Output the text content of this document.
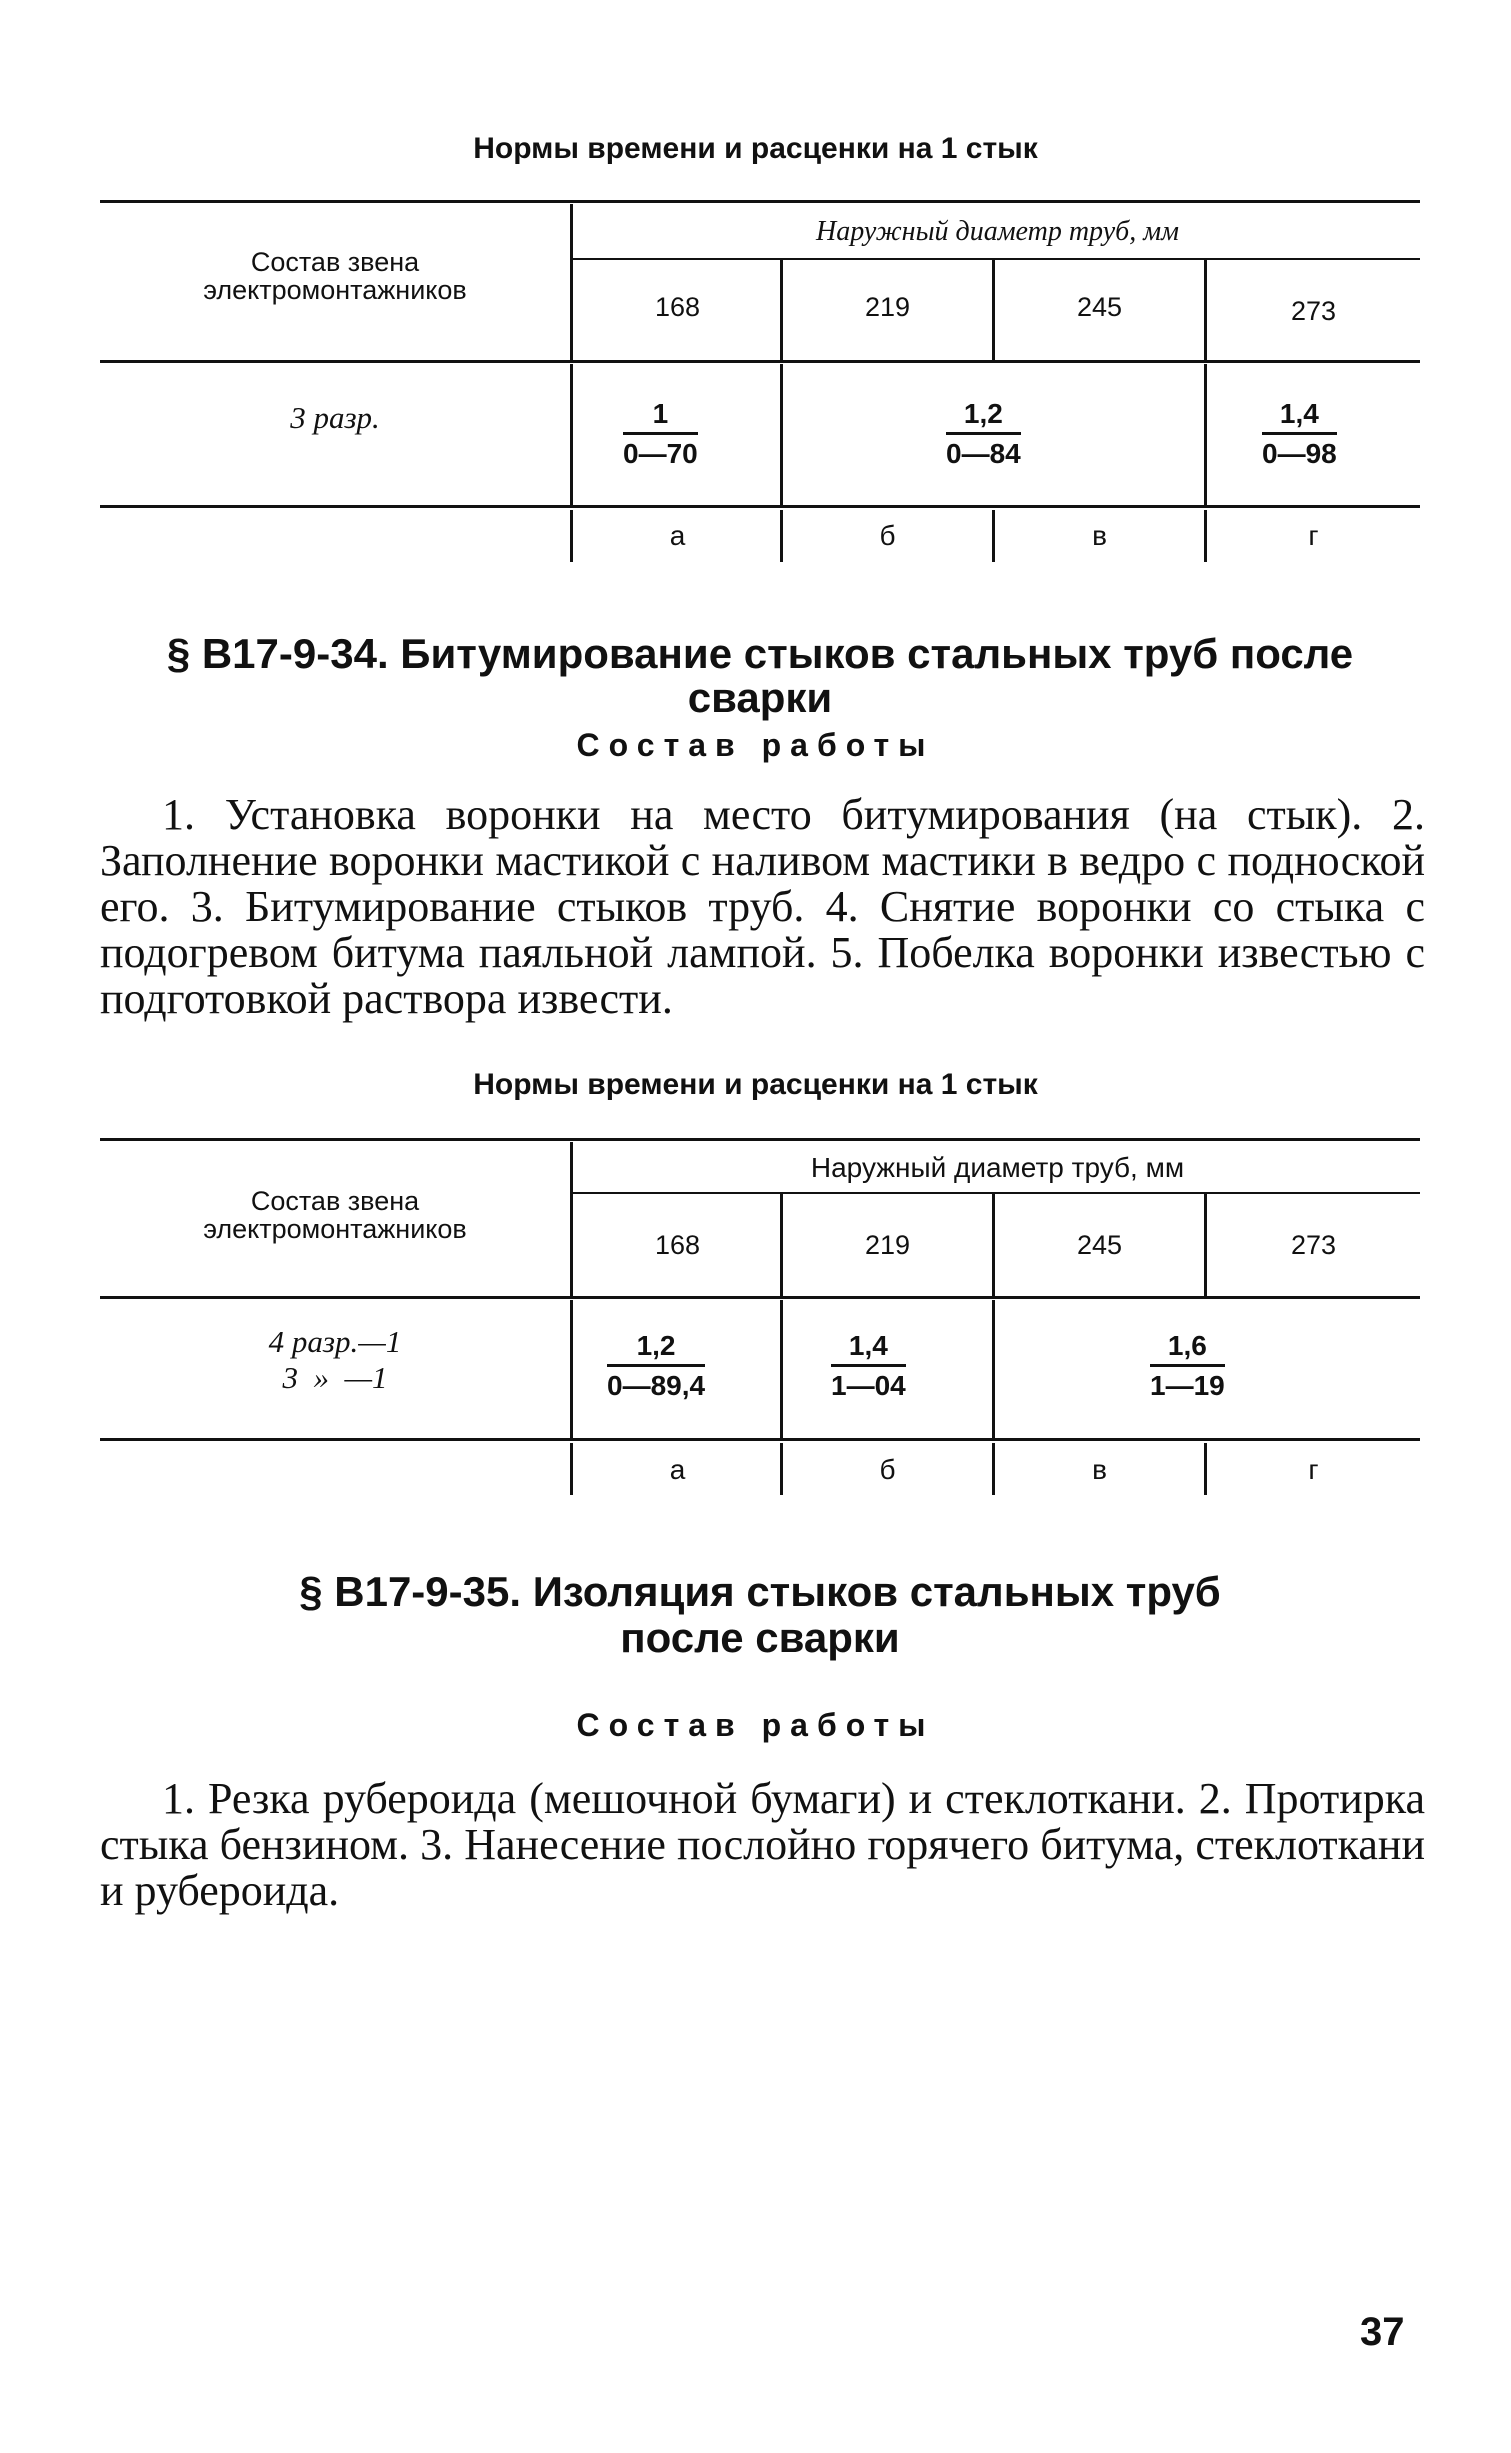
Нормы времени и расценки на 1 стык
Состав звена
электромонтажников
Наружный диаметр труб, мм
168	219	245	273
3 разр.	$\frac{1}{0—70}$	$\frac{1,2}{0—84}$	$\frac{1,4}{0—98}$
а	б	в	г
§ В17-9-34. Битумирование стыков стальных труб после сварки
Состав работы
1. Установка воронки на место битумирования (на стык). 2. Заполнение воронки мастикой с наливом мастики в ведро с подноской его. 3. Битумирование стыков труб. 4. Снятие воронки со стыка с подогревом битума паяльной лампой. 5. Побелка воронки известью с подготовкой раствора извести.
Нормы времени и расценки на 1 стык
Состав звена
электромонтажников
Наружный диаметр труб, мм
168	219	245	273
4 разр.—1
3  »  —1	$\frac{1,2}{0—89,4}$	$\frac{1,4}{1—04}$	$\frac{1,6}{1—19}$
а	б	в	г
§ В17-9-35. Изоляция стыков стальных труб
после сварки
Состав работы
1. Резка рубероида (мешочной бумаги) и стеклоткани. 2. Протирка стыка бензином. 3. Нанесение послойно горячего битума, стеклоткани и рубероида.
37
